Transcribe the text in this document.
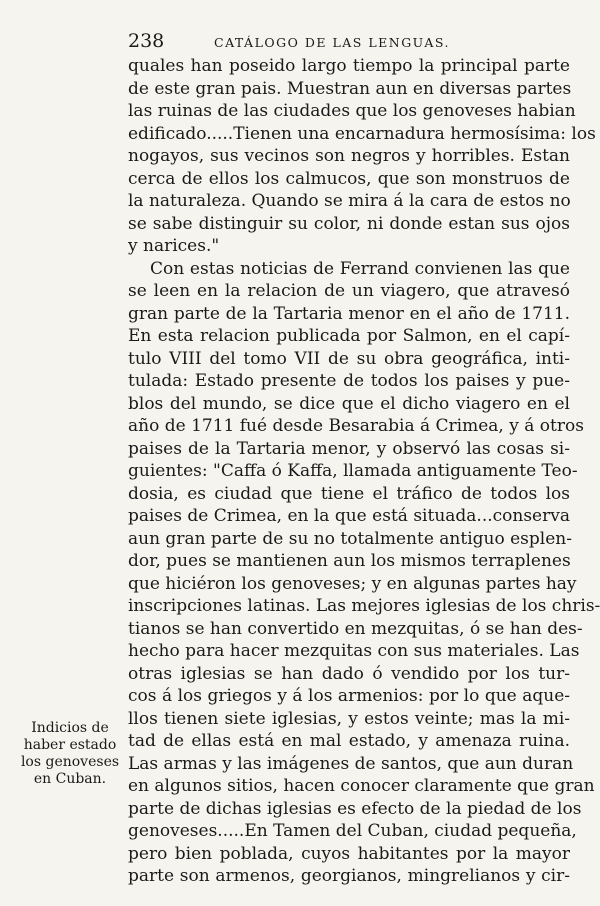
238	CATÁLOGO DE LAS LENGUAS.
quales han poseido largo tiempo la principal parte
de este gran pais. Muestran aun en diversas partes
las ruinas de las ciudades que los genoveses habian
edificado.....Tienen una encarnadura hermosísima: los
nogayos, sus vecinos son negros y horribles. Estan
cerca de ellos los calmucos, que son monstruos de
la naturaleza. Quando se mira á la cara de estos no
se sabe distinguir su color, ni donde estan sus ojos
y narices."
Con estas noticias de Ferrand convienen las que
se leen en la relacion de un viagero, que atravesó
gran parte de la Tartaria menor en el año de 1711.
En esta relacion publicada por Salmon, en el capí-
tulo VIII del tomo VII de su obra geográfica, inti-
tulada: Estado presente de todos los paises y pue-
blos del mundo, se dice que el dicho viagero en el
año de 1711 fué desde Besarabia á Crimea, y á otros
paises de la Tartaria menor, y observó las cosas si-
guientes: "Caffa ó Kaffa, llamada antiguamente Teo-
dosia, es ciudad que tiene el tráfico de todos los
paises de Crimea, en la que está situada...conserva
aun gran parte de su no totalmente antiguo esplen-
dor, pues se mantienen aun los mismos terraplenes
que hiciéron los genoveses; y en algunas partes hay
inscripciones latinas. Las mejores iglesias de los chris-
tianos se han convertido en mezquitas, ó se han des-
hecho para hacer mezquitas con sus materiales. Las
otras iglesias se han dado ó vendido por los tur-
cos á los griegos y á los armenios: por lo que aque-
llos tienen siete iglesias, y estos veinte; mas la mi-
tad de ellas está en mal estado, y amenaza ruina.
Las armas y las imágenes de santos, que aun duran
en algunos sitios, hacen conocer claramente que gran
parte de dichas iglesias es efecto de la piedad de los
genoveses.....En Tamen del Cuban, ciudad pequeña,
pero bien poblada, cuyos habitantes por la mayor
parte son armenos, georgianos, mingrelianos y cir-
Indicios de
haber estado
los genoveses
en Cuban.
